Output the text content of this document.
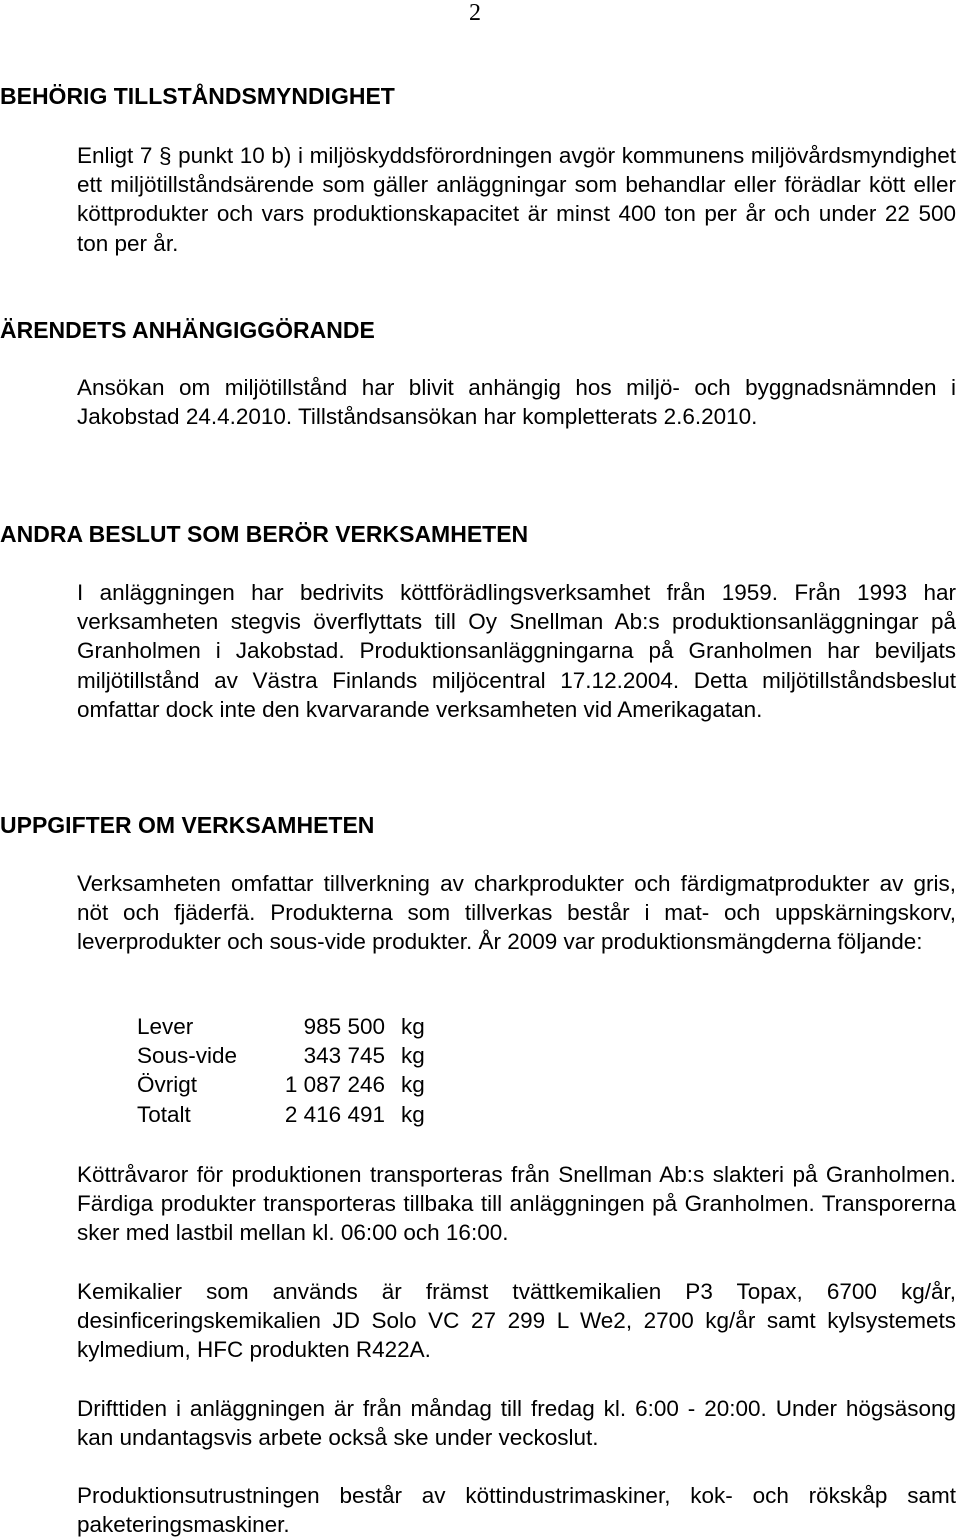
2
BEHÖRIG TILLSTÅNDSMYNDIGHET

Enligt 7 § punkt 10 b) i miljöskyddsförordningen avgör kommunens miljövårdsmyndighet ett miljötillståndsärende som gäller anläggningar som behandlar eller förädlar kött eller köttprodukter och vars produktionskapacitet är minst 400 ton per år och under 22 500 ton per år.

ÄRENDETS ANHÄNGIGGÖRANDE

Ansökan om miljötillstånd har blivit anhängig hos miljö- och byggnadsnämnden i Jakobstad 24.4.2010. Tillståndsansökan har kompletterats 2.6.2010.

ANDRA BESLUT SOM BERÖR VERKSAMHETEN

I anläggningen har bedrivits köttförädlingsverksamhet från 1959. Från 1993 har verksamheten stegvis överflyttats till Oy Snellman Ab:s produktionsanläggningar på Granholmen i Jakobstad. Produktionsanläggningarna på Granholmen har beviljats miljötillstånd av Västra Finlands miljöcentral 17.12.2004. Detta miljötillståndsbeslut omfattar dock inte den kvarvarande verksamheten vid Amerikagatan.

UPPGIFTER OM VERKSAMHETEN

Verksamheten omfattar tillverkning av charkprodukter och färdigmatprodukter av gris, nöt och fjäderfä. Produkterna som tillverkas består i mat- och uppskärningskorv, leverprodukter och sous-vide produkter. År 2009 var produktionsmängderna följande:

Lever	985 500	kg
Sous-vide	343 745	kg
Övrigt	1 087 246	kg
Totalt	2 416 491	kg

Köttråvaror för produktionen transporteras från Snellman Ab:s slakteri på Granholmen. Färdiga produkter transporteras tillbaka till anläggningen på Granholmen. Transporerna sker med lastbil mellan kl. 06:00 och 16:00.

Kemikalier som används är främst tvättkemikalien P3 Topax, 6700 kg/år, desinficeringskemikalien JD Solo VC 27 299 L We2, 2700 kg/år samt kylsystemets kylmedium, HFC produkten R422A.

Drifttiden i anläggningen är från måndag till fredag kl. 6:00 - 20:00. Under högsäsong kan undantagsvis arbete också ske under veckoslut.

Produktionsutrustningen består av köttindustrimaskiner, kok- och rökskåp samt paketeringsmaskiner.
